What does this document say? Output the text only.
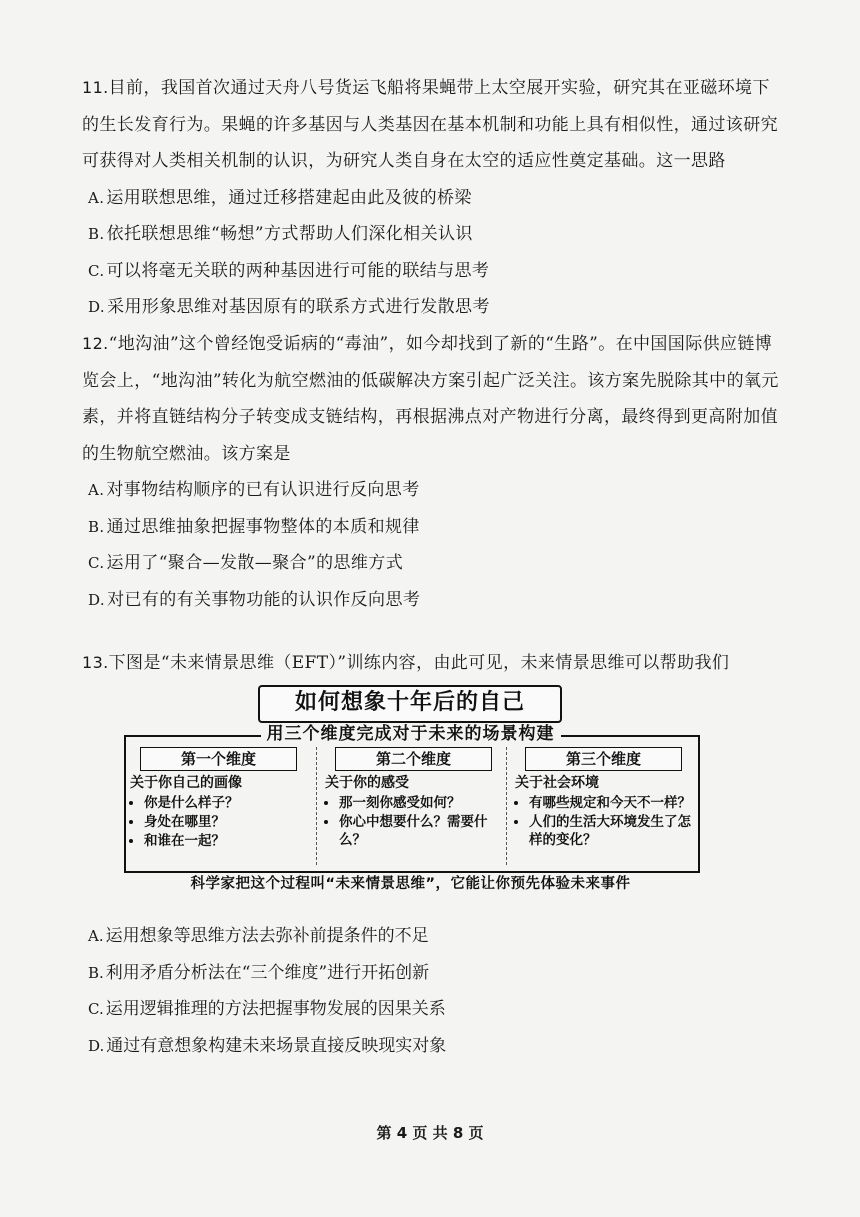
11.目前，我国首次通过天舟八号货运飞船将果蝇带上太空展开实验，研究其在亚磁环境下的生长发育行为。果蝇的许多基因与人类基因在基本机制和功能上具有相似性，通过该研究可获得对人类相关机制的认识，为研究人类自身在太空的适应性奠定基础。这一思路

A. 运用联想思维，通过迁移搭建起由此及彼的桥梁
B. 依托联想思维“畅想”方式帮助人们深化相关认识
C. 可以将毫无关联的两种基因进行可能的联结与思考
D. 采用形象思维对基因原有的联系方式进行发散思考

12.“地沟油”这个曾经饱受诟病的“毒油”，如今却找到了新的“生路”。在中国国际供应链博览会上，“地沟油”转化为航空燃油的低碳解决方案引起广泛关注。该方案先脱除其中的氧元素，并将直链结构分子转变成支链结构，再根据沸点对产物进行分离，最终得到更高附加值的生物航空燃油。该方案是

A. 对事物结构顺序的已有认识进行反向思考
B. 通过思维抽象把握事物整体的本质和规律
C. 运用了“聚合—发散—聚合”的思维方式
D. 对已有的有关事物功能的认识作反向思考

13.下图是“未来情景思维（EFT）”训练内容，由此可见，未来情景思维可以帮助我们

如何想象十年后的自己
用三个维度完成对于未来的场景构建
第一个维度
关于你自己的画像
• 你是什么样子？
• 身处在哪里？
• 和谁在一起？
第二个维度
关于你的感受
• 那一刻你感受如何？
• 你心中想要什么？需要什么？
第三个维度
关于社会环境
• 有哪些规定和今天不一样？
• 人们的生活大环境发生了怎样的变化？
科学家把这个过程叫“未来情景思维”，它能让你预先体验未来事件
A. 运用想象等思维方法去弥补前提条件的不足
B. 利用矛盾分析法在“三个维度”进行开拓创新
C. 运用逻辑推理的方法把握事物发展的因果关系
D. 通过有意想象构建未来场景直接反映现实对象
第 4 页 共 8 页
